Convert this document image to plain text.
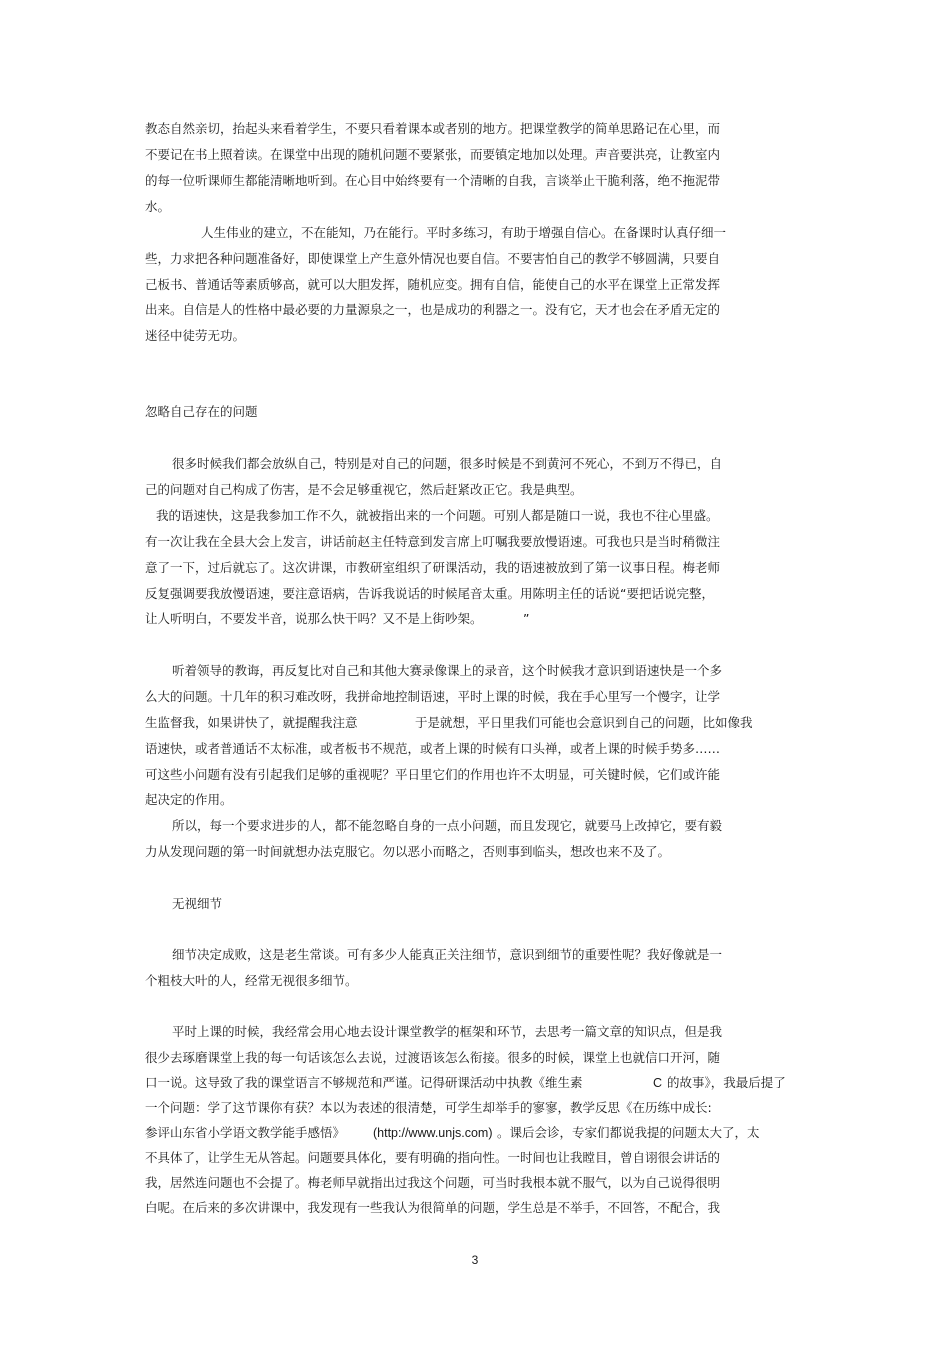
教态自然亲切，抬起头来看着学生，不要只看着课本或者别的地方。把课堂教学的简单思路记在心里，而
不要记在书上照着读。在课堂中出现的随机问题不要紧张，而要镇定地加以处理。声音要洪亮，让教室内
的每一位听课师生都能清晰地听到。在心目中始终要有一个清晰的自我，言谈举止干脆利落，绝不拖泥带
水。
人生伟业的建立，不在能知，乃在能行。平时多练习，有助于增强自信心。在备课时认真仔细一
些，力求把各种问题准备好，即使课堂上产生意外情况也要自信。不要害怕自己的教学不够圆满，只要自
己板书、普通话等素质够高，就可以大胆发挥，随机应变。拥有自信，能使自己的水平在课堂上正常发挥
出来。自信是人的性格中最必要的力量源泉之一，也是成功的利器之一。没有它，天才也会在矛盾无定的
迷径中徒劳无功。
忽略自己存在的问题
很多时候我们都会放纵自己，特别是对自己的问题，很多时候是不到黄河不死心，不到万不得已，自
己的问题对自己构成了伤害，是不会足够重视它，然后赶紧改正它。我是典型。
我的语速快，这是我参加工作不久，就被指出来的一个问题。可别人都是随口一说，我也不往心里盛。
有一次让我在全县大会上发言，讲话前赵主任特意到发言席上叮嘱我要放慢语速。可我也只是当时稍微注
意了一下，过后就忘了。这次讲课，市教研室组织了研课活动，我的语速被放到了第一议事日程。梅老师
反复强调要我放慢语速，要注意语病，告诉我说话的时候尾音太重。用陈明主任的话说“要把话说完整，
让人听明白，不要发半音，说那么快干吗？又不是上街吵架。	”
听着领导的教诲，再反复比对自己和其他大赛录像课上的录音，这个时候我才意识到语速快是一个多
么大的问题。十几年的积习难改呀，我拼命地控制语速，平时上课的时候，我在手心里写一个慢字，让学
生监督我，如果讲快了，就提醒我注意	于是就想，平日里我们可能也会意识到自己的问题，比如像我
语速快，或者普通话不太标准，或者板书不规范，或者上课的时候有口头禅，或者上课的时候手势多……
可这些小问题有没有引起我们足够的重视呢？平日里它们的作用也许不太明显，可关键时候，它们或许能
起决定的作用。
所以，每一个要求进步的人，都不能忽略自身的一点小问题，而且发现它，就要马上改掉它，要有毅
力从发现问题的第一时间就想办法克服它。勿以恶小而略之，否则事到临头，想改也来不及了。
无视细节
细节决定成败，这是老生常谈。可有多少人能真正关注细节，意识到细节的重要性呢？我好像就是一
个粗枝大叶的人，经常无视很多细节。
平时上课的时候，我经常会用心地去设计课堂教学的框架和环节，去思考一篇文章的知识点，但是我
很少去琢磨课堂上我的每一句话该怎么去说，过渡语该怎么衔接。很多的时候，课堂上也就信口开河，随
口一说。这导致了我的课堂语言不够规范和严谨。记得研课活动中执教《维生素	C 的故事》，我最后提了
一个问题：学了这节课你有获？本以为表述的很清楚，可学生却举手的寥寥，教学反思《在历练中成长:
参评山东省小学语文教学能手感悟》 (http://www.unjs.com) 。课后会诊，专家们都说我提的问题太大了，太
不具体了，让学生无从答起。问题要具体化，要有明确的指向性。一时间也让我瞠目，曾自诩很会讲话的
我，居然连问题也不会提了。梅老师早就指出过我这个问题，可当时我根本就不服气，以为自己说得很明
白呢。在后来的多次讲课中，我发现有一些我认为很简单的问题，学生总是不举手，不回答，不配合，我
3
